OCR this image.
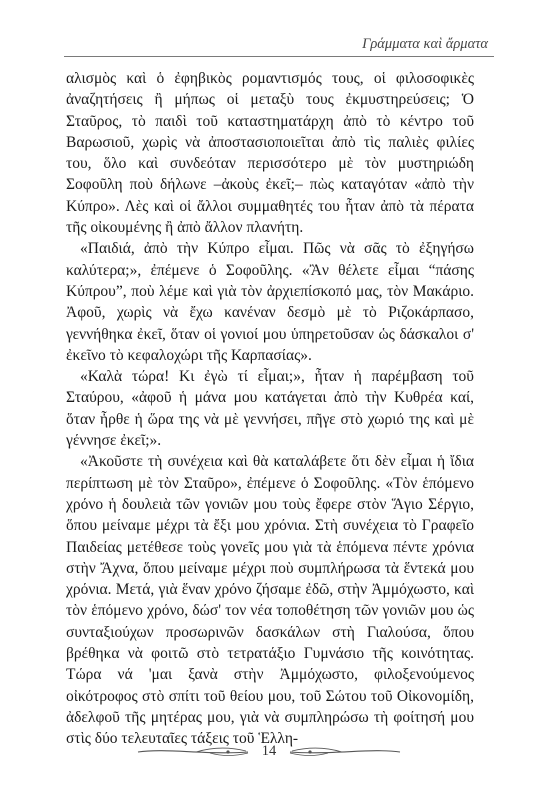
Γράμματα καὶ ἄρματα

αλισμὸς καὶ ὁ ἐφηβικὸς ρομαντισμός τους, οἱ φιλοσοφικὲς ἀναζητήσεις ἢ μήπως οἱ μεταξὺ τους ἐκμυστηρεύσεις; Ὁ Σταῦρος, τὸ παιδὶ τοῦ καταστηματάρχη ἀπὸ τὸ κέντρο τοῦ Βαρωσιοῦ, χωρὶς νὰ ἀποστασιοποιεῖται ἀπὸ τὶς παλιὲς φιλίες του, ὅλο καὶ συνδεόταν περισσότερο μὲ τὸν μυστηριώδη Σοφοῦλη ποὺ δήλωνε –ἀκοὺς ἐκεῖ;– πὼς καταγόταν «ἀπὸ τὴν Κύπρο». Λὲς καὶ οἱ ἄλλοι συμμαθητές του ἦταν ἀπὸ τὰ πέρατα τῆς οἰκουμένης ἢ ἀπὸ ἄλλον πλανήτη.

«Παιδιά, ἀπὸ τὴν Κύπρο εἶμαι. Πῶς νὰ σᾶς τὸ ἐξηγήσω καλύτερα;», ἐπέμενε ὁ Σοφοῦλης. «Ἂν θέλετε εἶμαι “πάσης Κύπρου”, ποὺ λέμε καὶ γιὰ τὸν ἀρχιεπίσκοπό μας, τὸν Μακάριο. Ἀφοῦ, χωρὶς νὰ ἔχω κανέναν δεσμὸ μὲ τὸ Ριζοκάρπασο, γεννήθηκα ἐκεῖ, ὅταν οἱ γονιοί μου ὑπηρετοῦσαν ὡς δάσκαλοι σ' ἐκεῖνο τὸ κεφαλοχώρι τῆς Καρπασίας».

«Καλὰ τώρα! Κι ἐγὼ τί εἶμαι;», ἦταν ἡ παρέμβαση τοῦ Σταύρου, «ἀφοῦ ἡ μάνα μου κατάγεται ἀπὸ τὴν Κυθρέα καί, ὅταν ἦρθε ἡ ὥρα της νὰ μὲ γεννήσει, πῆγε στὸ χωριό της καὶ μὲ γέννησε ἐκεῖ;».

«Ἀκοῦστε τὴ συνέχεια καὶ θὰ καταλάβετε ὅτι δὲν εἶμαι ἡ ἴδια περίπτωση μὲ τὸν Σταῦρο», ἐπέμενε ὁ Σοφοῦλης. «Τὸν ἑπόμενο χρόνο ἡ δουλειὰ τῶν γονιῶν μου τοὺς ἔφερε στὸν Ἅγιο Σέργιο, ὅπου μείναμε μέχρι τὰ ἔξι μου χρόνια. Στὴ συνέχεια τὸ Γραφεῖο Παιδείας μετέθεσε τοὺς γονεῖς μου γιὰ τὰ ἑπόμενα πέντε χρόνια στὴν Ἄχνα, ὅπου μείναμε μέχρι ποὺ συμπλήρωσα τὰ ἕντεκά μου χρόνια. Μετά, γιὰ ἕναν χρόνο ζήσαμε ἐδῶ, στὴν Ἀμμόχωστο, καὶ τὸν ἑπόμενο χρόνο, δώσ' τον νέα τοποθέτηση τῶν γονιῶν μου ὡς συνταξιούχων προσωρινῶν δασκάλων στὴ Γιαλούσα, ὅπου βρέθηκα νὰ φοιτῶ στὸ τετρατάξιο Γυμνάσιο τῆς κοινότητας. Τώρα νά 'μαι ξανὰ στὴν Ἀμμόχωστο, φιλοξενούμενος οἰκότροφος στὸ σπίτι τοῦ θείου μου, τοῦ Σώτου τοῦ Οἰκονομίδη, ἀδελφοῦ τῆς μητέρας μου, γιὰ νὰ συμπληρώσω τὴ φοίτησή μου στὶς δύο τελευταῖες τάξεις τοῦ Ἑλλη-

14
